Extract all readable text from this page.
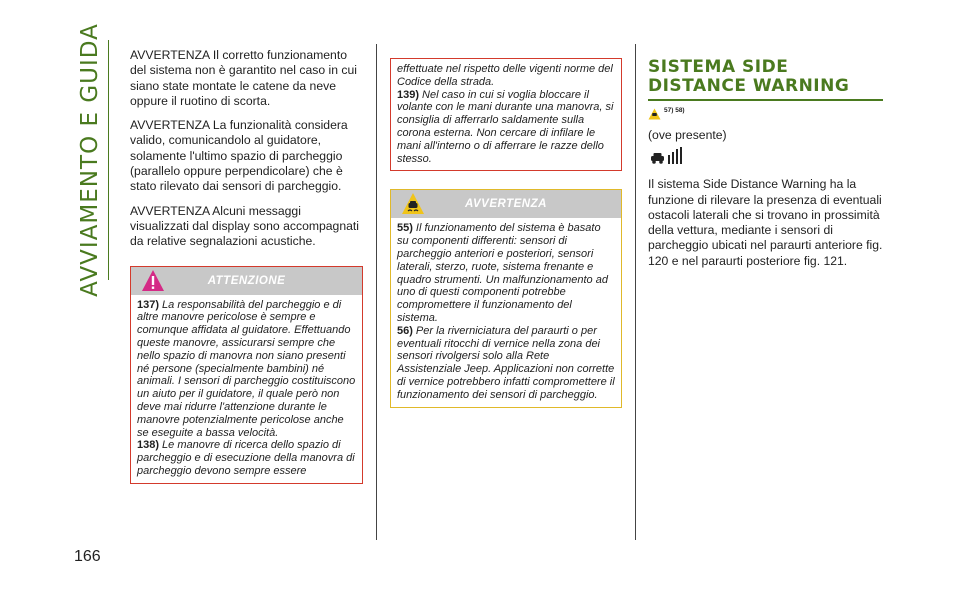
AVVIAMENTO E GUIDA
166

AVVERTENZA Il corretto funzionamento del sistema non è garantito nel caso in cui siano state montate le catene da neve oppure il ruotino di scorta.

AVVERTENZA La funzionalità considera valido, comunicandolo al guidatore, solamente l'ultimo spazio di parcheggio (parallelo oppure perpendicolare) che è stato rilevato dai sensori di parcheggio.

AVVERTENZA Alcuni messaggi visualizzati dal display sono accompagnati da relative segnalazioni acustiche.

ATTENZIONE

137) La responsabilità del parcheggio e di altre manovre pericolose è sempre e comunque affidata al guidatore. Effettuando queste manovre, assicurarsi sempre che nello spazio di manovra non siano presenti né persone (specialmente bambini) né animali. I sensori di parcheggio costituiscono un aiuto per il guidatore, il quale però non deve mai ridurre l'attenzione durante le manovre potenzialmente pericolose anche se eseguite a bassa velocità.

138) Le manovre di ricerca dello spazio di parcheggio e di esecuzione della manovra di parcheggio devono sempre essere

effettuate nel rispetto delle vigenti norme del Codice della strada.

139) Nel caso in cui si voglia bloccare il volante con le mani durante una manovra, si consiglia di afferrarlo saldamente sulla corona esterna. Non cercare di infilare le mani all'interno o di afferrare le razze dello stesso.

AVVERTENZA

55) Il funzionamento del sistema è basato su componenti differenti: sensori di parcheggio anteriori e posteriori, sensori laterali, sterzo, ruote, sistema frenante e quadro strumenti. Un malfunzionamento ad uno di questi componenti potrebbe compromettere il funzionamento del sistema.

56) Per la riverniciatura del paraurti o per eventuali ritocchi di vernice nella zona dei sensori rivolgersi solo alla Rete Assistenziale Jeep. Applicazioni non corrette di vernice potrebbero infatti compromettere il funzionamento dei sensori di parcheggio.

SISTEMA SIDE DISTANCE WARNING
57) 58)

(ove presente)

Il sistema Side Distance Warning ha la funzione di rilevare la presenza di eventuali ostacoli laterali che si trovano in prossimità della vettura, mediante i sensori di parcheggio ubicati nel paraurti anteriore fig. 120 e nel paraurti posteriore fig. 121.
